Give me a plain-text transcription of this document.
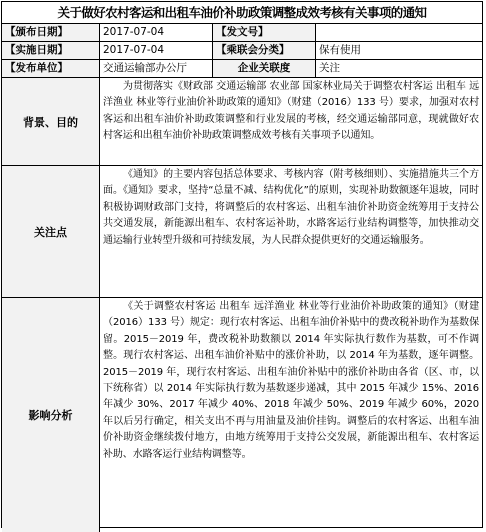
关于做好农村客运和出租车油价补助政策调整成效考核有关事项的通知
【颁布日期】	2017-07-04	【发文号】
【实施日期】	2017-07-04	【乘联会分类】	保有使用
【发布单位】	交通运输部办公厅	企业关联度	关注
背景、目的
为贯彻落实《财政部 交通运输部 农业部 国家林业局关于调整农村客运 出租车 远洋渔业 林业等行业油价补助政策的通知》（财建（2016）133 号）要求，加强对农村客运和出租车油价补助政策调整和行业发展的考核，经交通运输部同意，现就做好农村客运和出租车油价补助政策调整成效考核有关事项予以通知。
关注点
《通知》的主要内容包括总体要求、考核内容（附考核细则）、实施措施共三个方面。《通知》要求，坚持“总量不减、结构优化”的原则，实现补助数额逐年退坡，同时积极协调财政部门支持，将调整后的农村客运、出租车油价补助资金统筹用于支持公共交通发展，新能源出租车、农村客运补助，水路客运行业结构调整等，加快推动交通运输行业转型升级和可持续发展，为人民群众提供更好的交通运输服务。
影响分析
《关于调整农村客运 出租车 远洋渔业 林业等行业油价补助政策的通知》（财建（2016）133 号）规定：现行农村客运、出租车油价补贴中的费改税补助作为基数保留。2015－2019 年，费改税补助数额以 2014 年实际执行数作为基数，可不作调整。现行农村客运、出租车油价补贴中的涨价补助，以 2014 年为基数，逐年调整。2015－2019 年，现行农村客运、出租车油价补贴中的涨价补助由各省（区、市，以下统称省）以 2014 年实际执行数为基数逐步递减，其中 2015 年减少 15%、2016 年减少 30%、2017 年减少 40%、2018 年减少 50%、2019 年减少 60%，2020 年以后另行确定，相关支出不再与用油量及油价挂钩。调整后的农村客运、出租车油价补助资金继续拨付地方，由地方统筹用于支持公交发展，新能源出租车、农村客运补助、水路客运行业结构调整等。
